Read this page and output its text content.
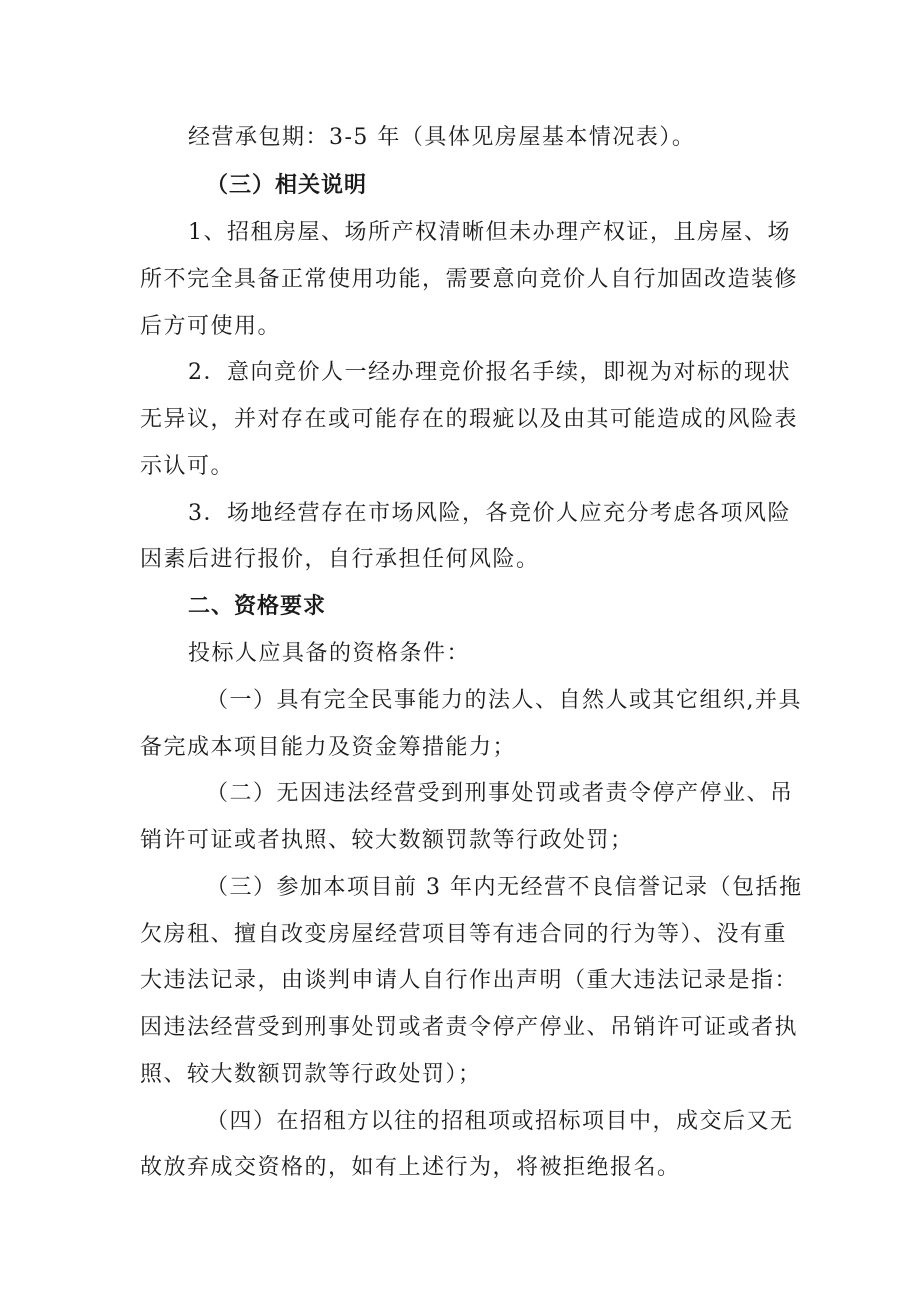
经营承包期：3-5 年（具体见房屋基本情况表）。
（三）相关说明
1、招租房屋、场所产权清晰但未办理产权证，且房屋、场
所不完全具备正常使用功能，需要意向竞价人自行加固改造装修
后方可使用。
2．意向竞价人一经办理竞价报名手续，即视为对标的现状
无异议，并对存在或可能存在的瑕疵以及由其可能造成的风险表
示认可。
3．场地经营存在市场风险，各竞价人应充分考虑各项风险
因素后进行报价，自行承担任何风险。
二、资格要求
投标人应具备的资格条件：
（一）具有完全民事能力的法人、自然人或其它组织,并具
备完成本项目能力及资金筹措能力；
（二）无因违法经营受到刑事处罚或者责令停产停业、吊
销许可证或者执照、较大数额罚款等行政处罚；
（三）参加本项目前 3 年内无经营不良信誉记录（包括拖
欠房租、擅自改变房屋经营项目等有违合同的行为等）、没有重
大违法记录，由谈判申请人自行作出声明（重大违法记录是指：
因违法经营受到刑事处罚或者责令停产停业、吊销许可证或者执
照、较大数额罚款等行政处罚）；
（四）在招租方以往的招租项或招标项目中，成交后又无
故放弃成交资格的，如有上述行为，将被拒绝报名。
